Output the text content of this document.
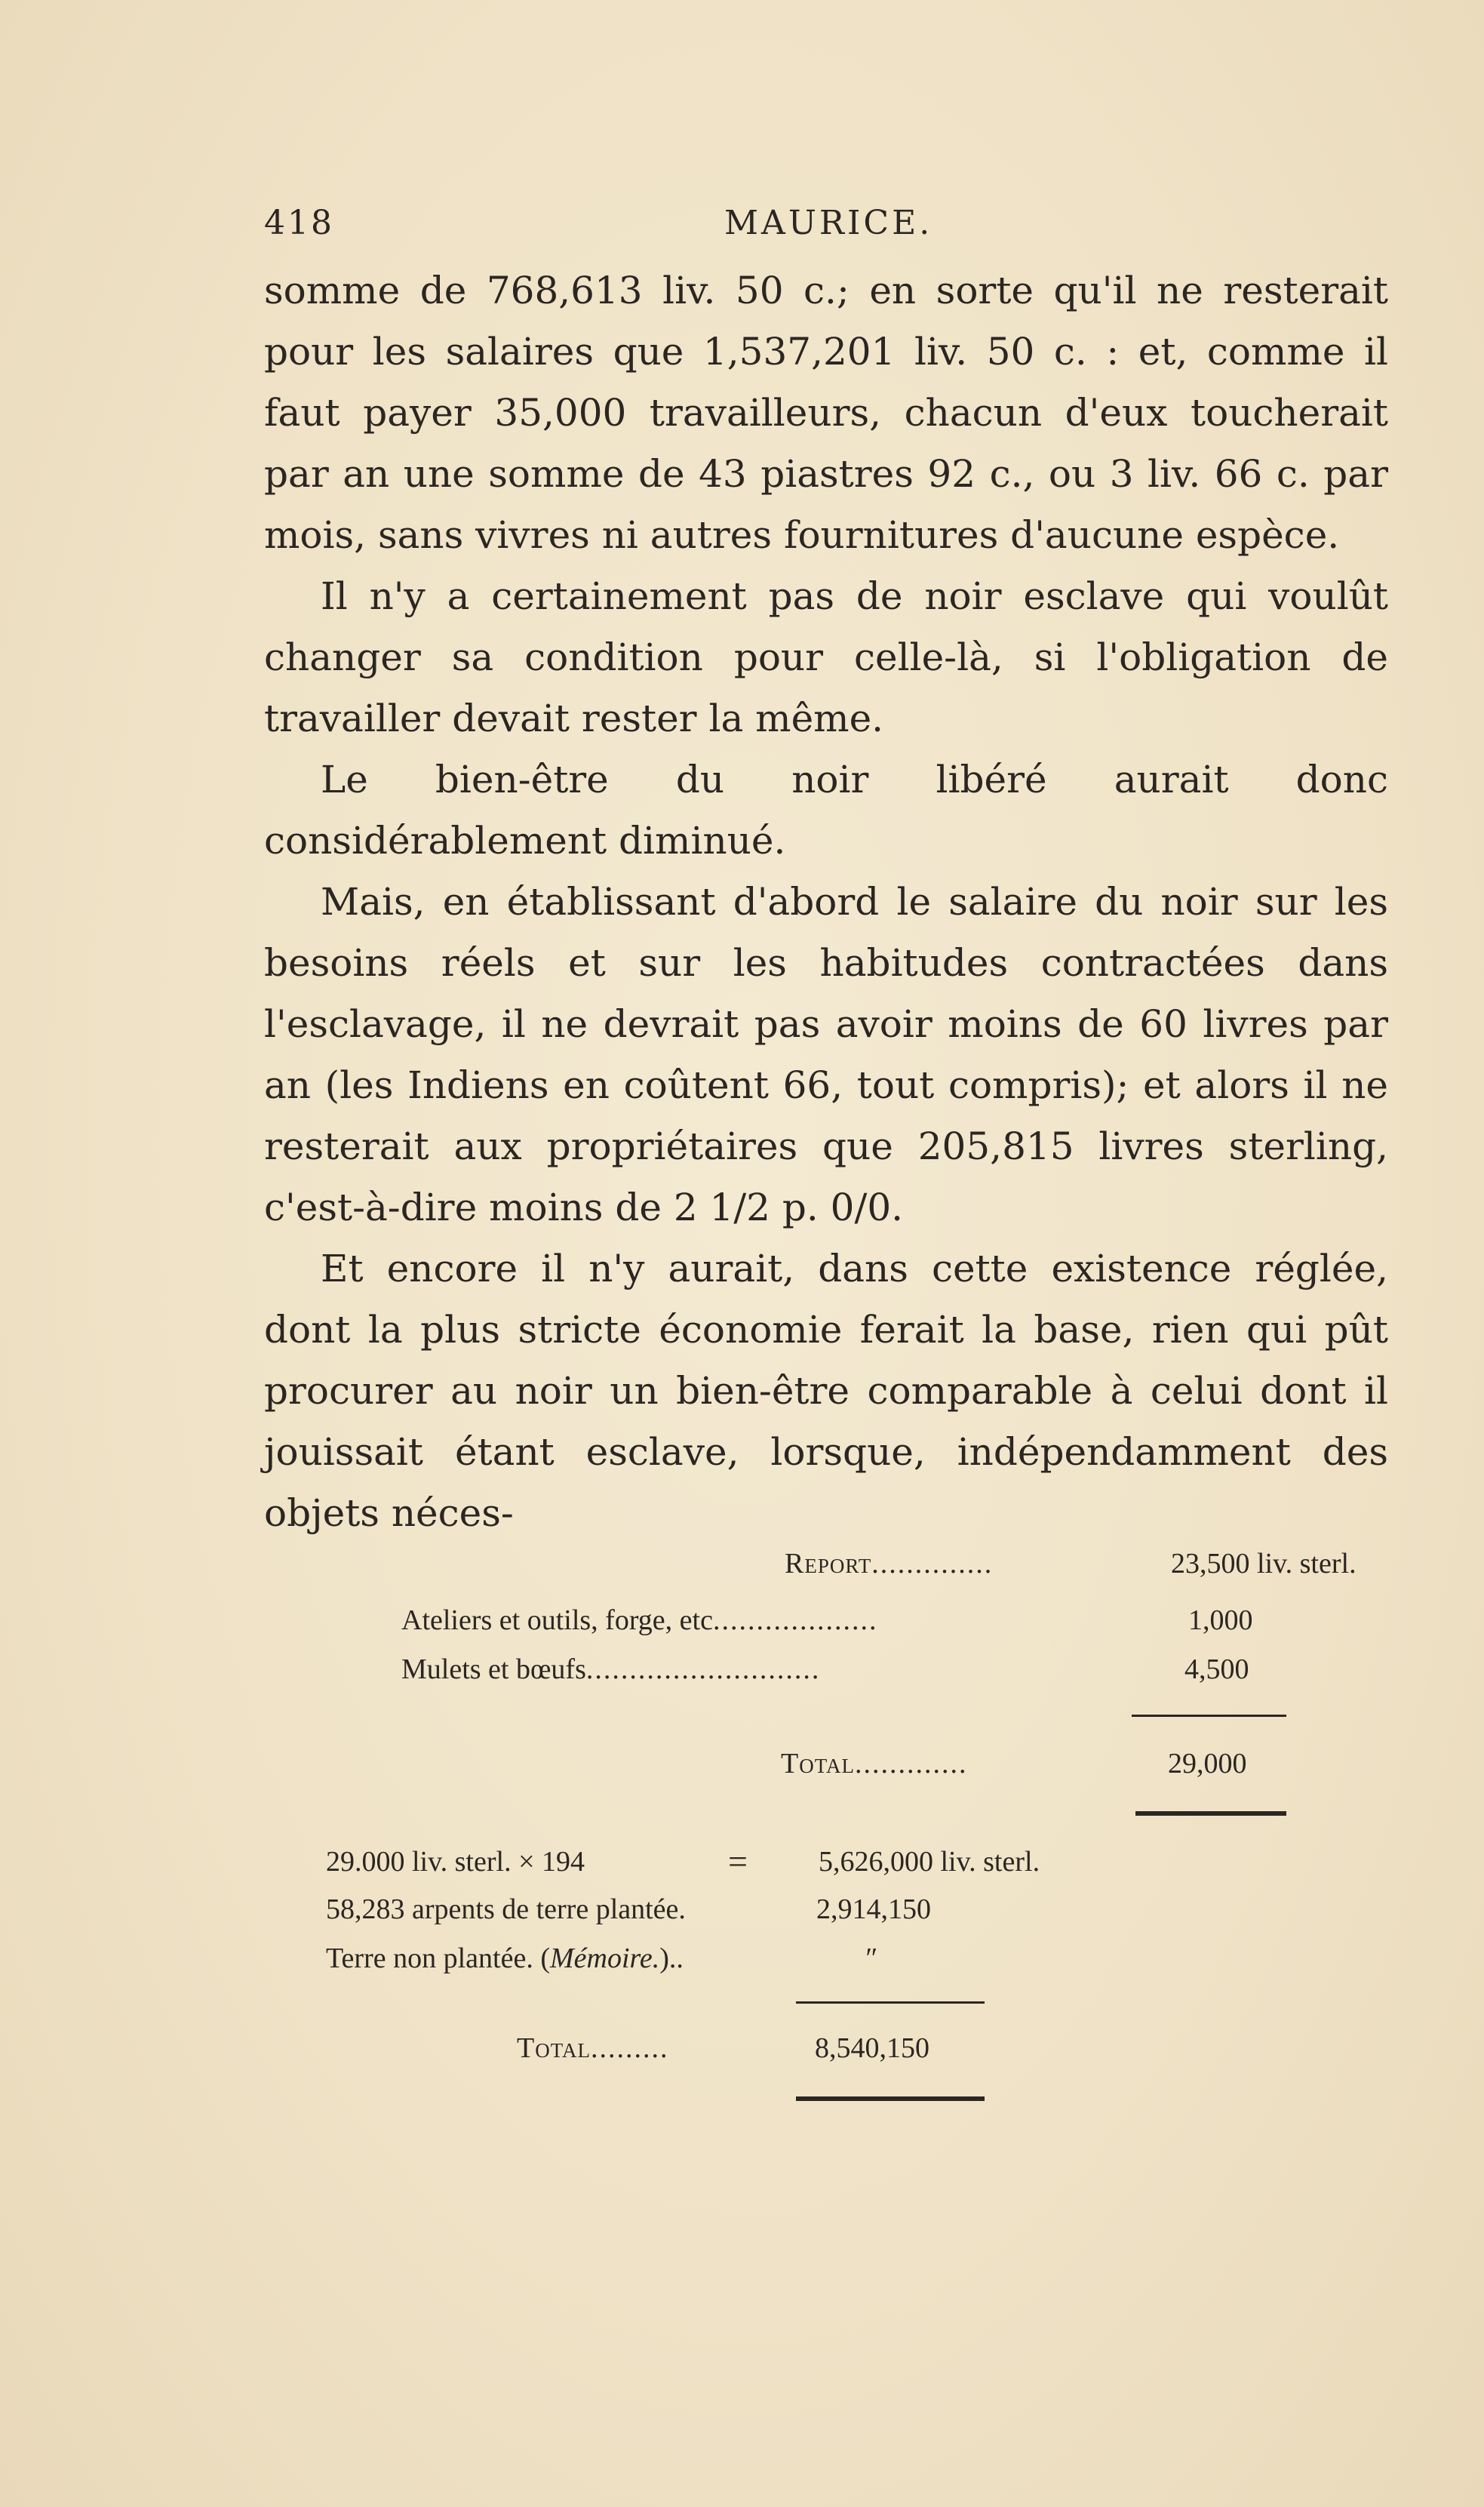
418	MAURICE.

somme de 768,613 liv. 50 c.; en sorte qu'il ne resterait pour les salaires que 1,537,201 liv. 50 c. : et, comme il faut payer 35,000 travailleurs, chacun d'eux toucherait par an une somme de 43 piastres 92 c., ou 3 liv. 66 c. par mois, sans vivres ni autres fournitures d'aucune espèce.

Il n'y a certainement pas de noir esclave qui voulût changer sa condition pour celle-là, si l'obligation de travailler devait rester la même.

Le bien-être du noir libéré aurait donc considérablement diminué.

Mais, en établissant d'abord le salaire du noir sur les besoins réels et sur les habitudes contractées dans l'esclavage, il ne devrait pas avoir moins de 60 livres par an (les Indiens en coûtent 66, tout compris); et alors il ne resterait aux propriétaires que 205,815 livres sterling, c'est-à-dire moins de 2 1/2 p. 0/0.

Et encore il n'y aurait, dans cette existence réglée, dont la plus stricte économie ferait la base, rien qui pût procurer au noir un bien-être comparable à celui dont il jouissait étant esclave, lorsque, indépendamment des objets néces-

Report..............	23,500 liv. sterl.
Ateliers et outils, forge, etc...................	1,000
Mulets et bœufs...........................	4,500
Total.............	29,000
29.000 liv. sterl. × 194	= 5,626,000 liv. sterl.
58,283 arpents de terre plantée.	2,914,150
Terre non plantée. (Mémoire.)..	″
Total.........	8,540,150
